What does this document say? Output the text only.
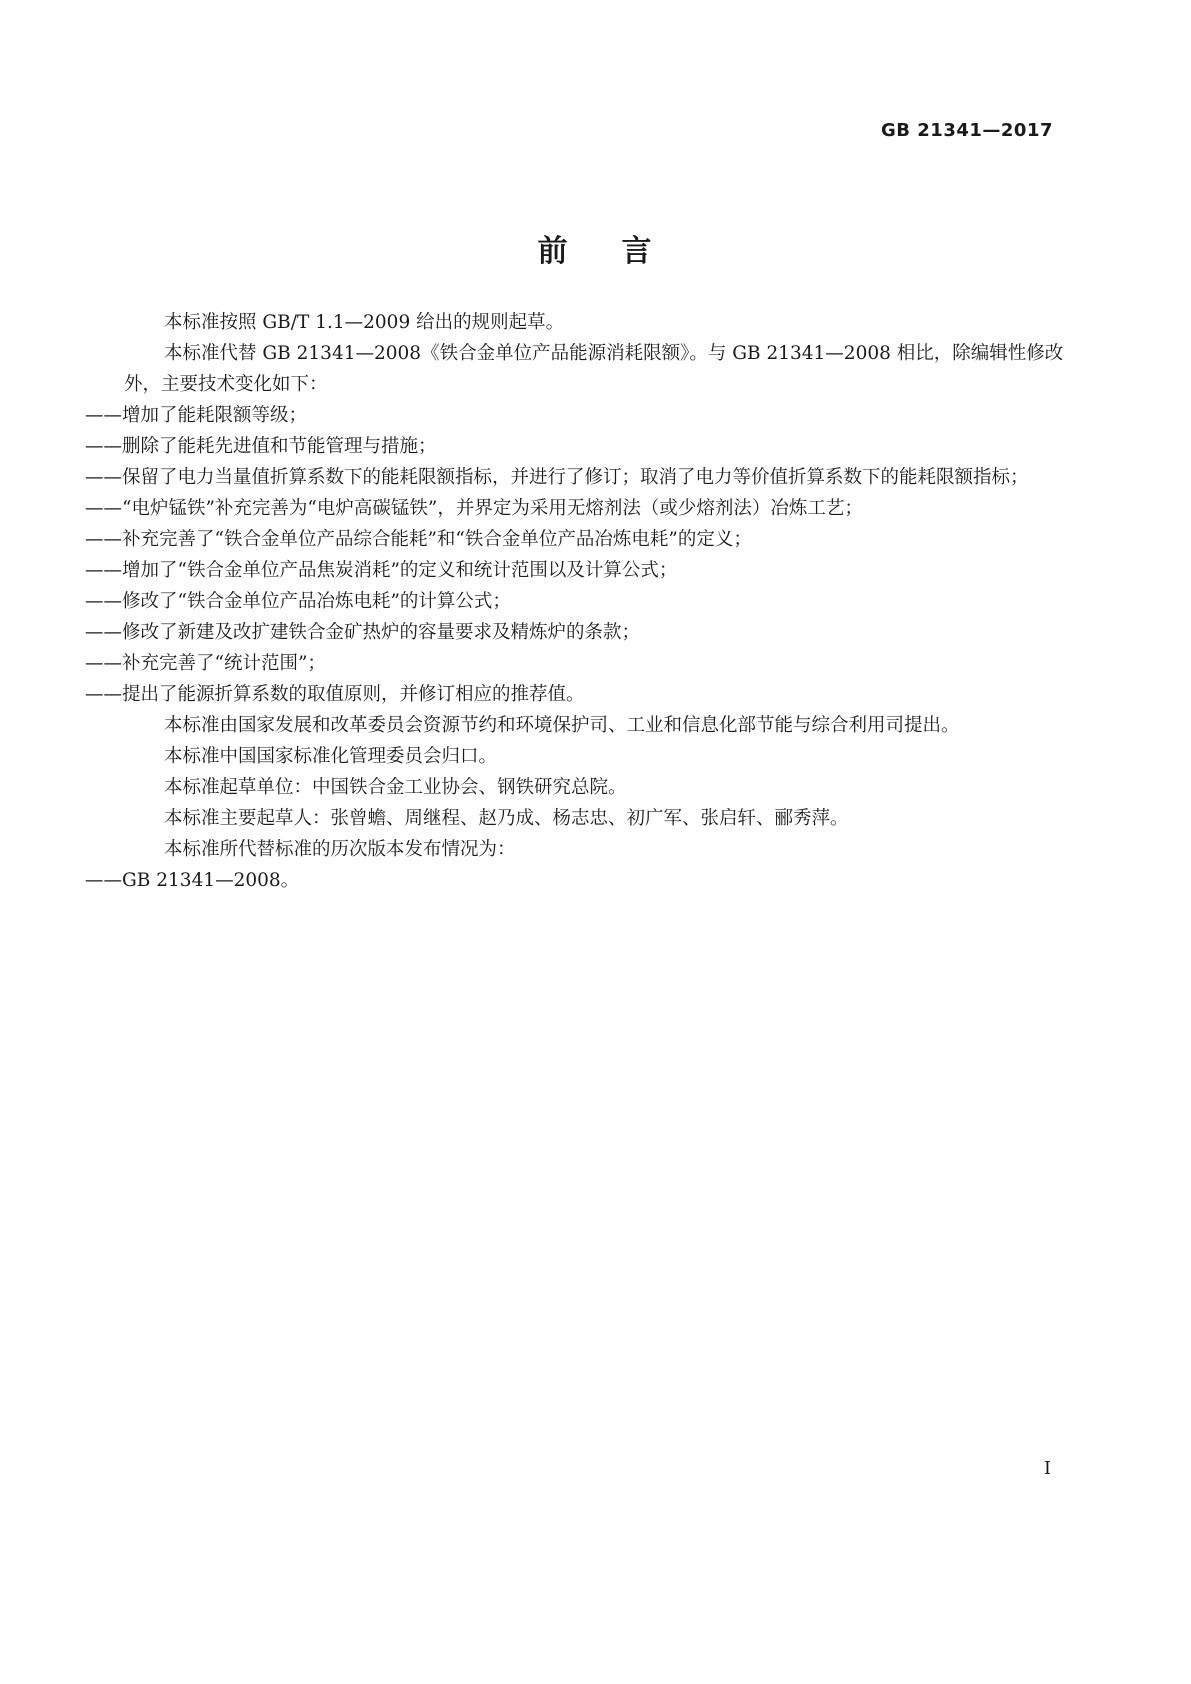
GB 21341—2017
前 言

本标准按照 GB/T 1.1—2009 给出的规则起草。

本标准代替 GB 21341—2008《铁合金单位产品能源消耗限额》。与 GB 21341—2008 相比，除编辑性修改外，主要技术变化如下：

——增加了能耗限额等级；

——删除了能耗先进值和节能管理与措施；

——保留了电力当量值折算系数下的能耗限额指标，并进行了修订；取消了电力等价值折算系数下的能耗限额指标；

——“电炉锰铁”补充完善为“电炉高碳锰铁”，并界定为采用无熔剂法（或少熔剂法）冶炼工艺；

——补充完善了“铁合金单位产品综合能耗”和“铁合金单位产品冶炼电耗”的定义；

——增加了“铁合金单位产品焦炭消耗”的定义和统计范围以及计算公式；

——修改了“铁合金单位产品冶炼电耗”的计算公式；

——修改了新建及改扩建铁合金矿热炉的容量要求及精炼炉的条款；

——补充完善了“统计范围”；

——提出了能源折算系数的取值原则，并修订相应的推荐值。

本标准由国家发展和改革委员会资源节约和环境保护司、工业和信息化部节能与综合利用司提出。

本标准中国国家标准化管理委员会归口。

本标准起草单位：中国铁合金工业协会、钢铁研究总院。

本标准主要起草人：张曾蟾、周继程、赵乃成、杨志忠、初广军、张启轩、郦秀萍。

本标准所代替标准的历次版本发布情况为：

——GB 21341—2008。

I
